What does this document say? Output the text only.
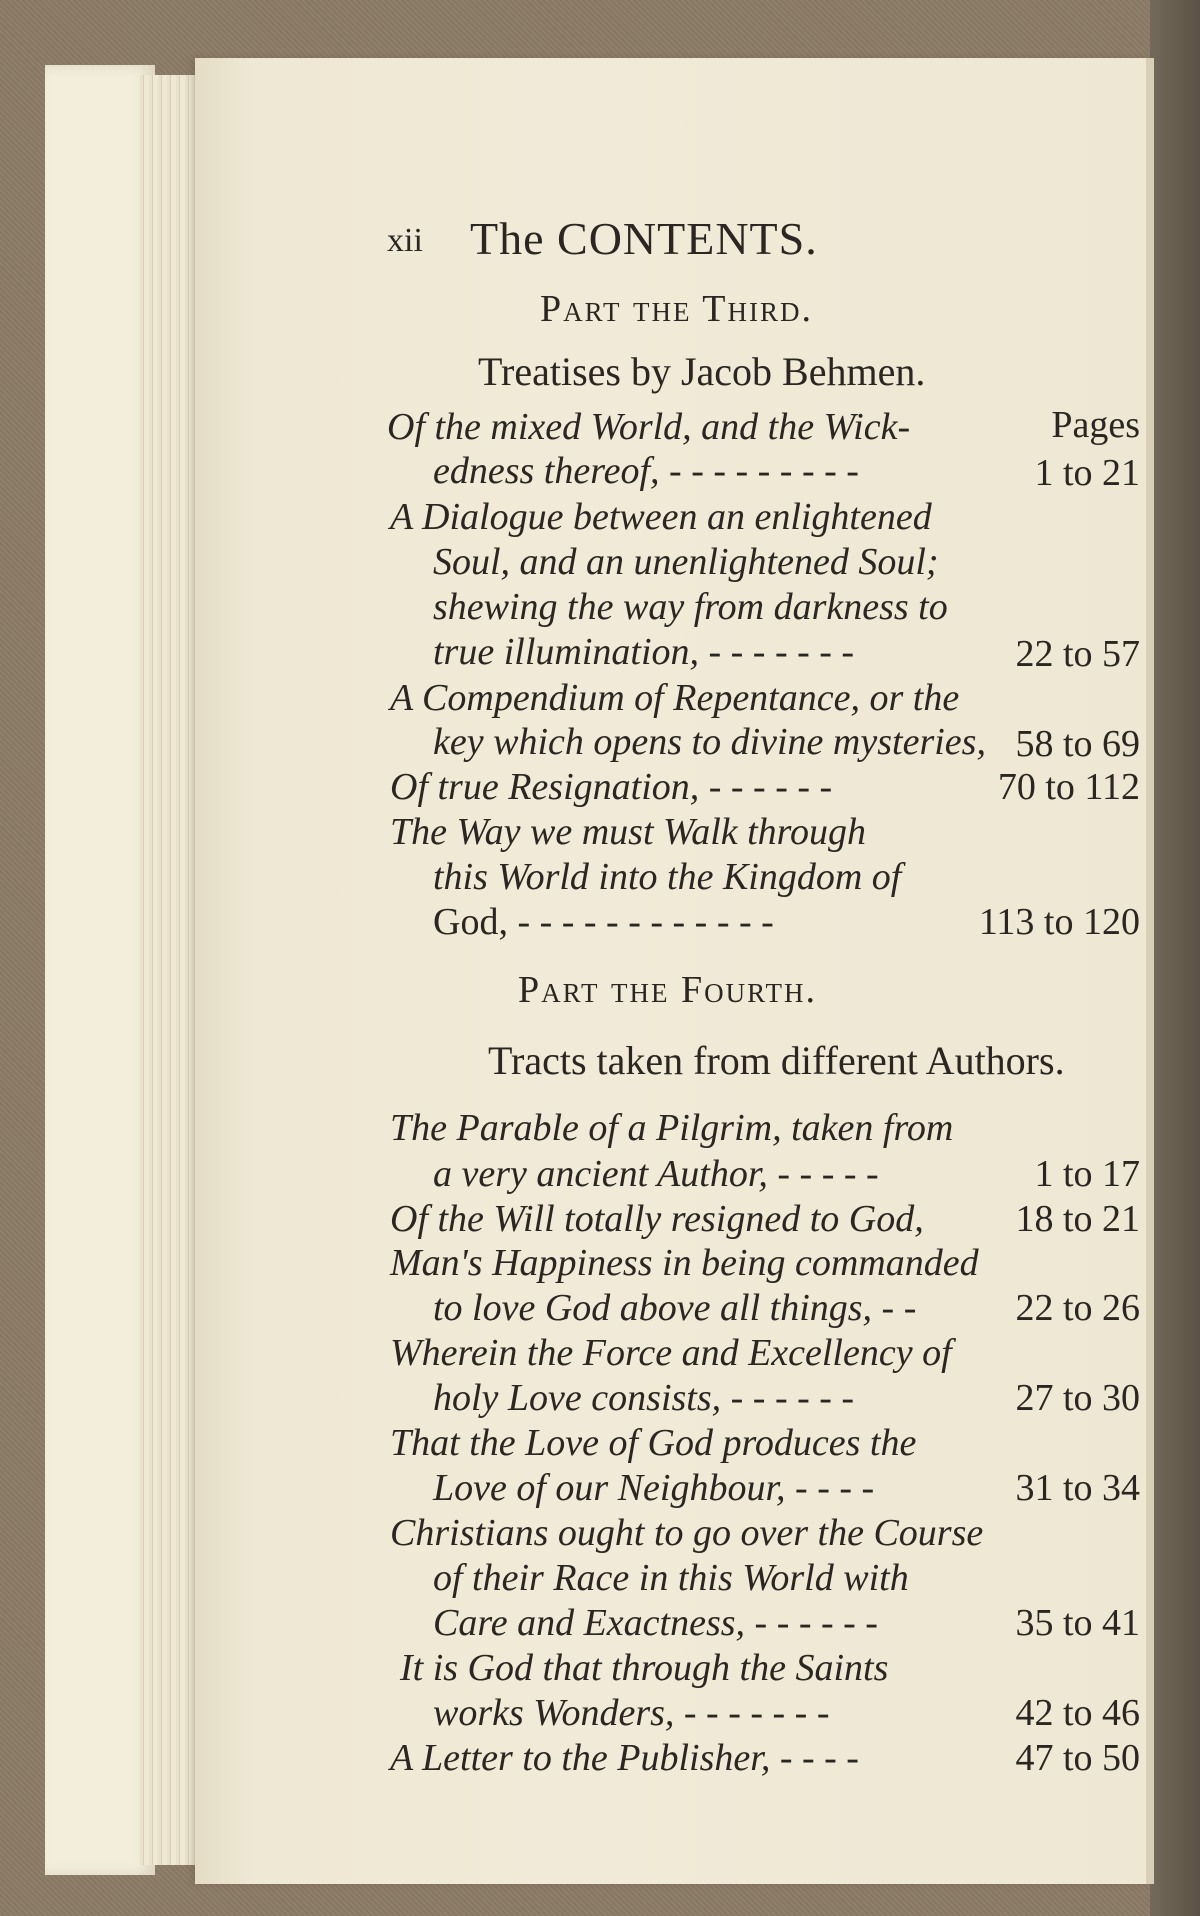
xii The CONTENTS.
Part the Third.
Treatises by Jacob Behmen.
Pages
Of the mixed World, and the Wick-
edness thereof, - - - - - - - - -	1 to 21
A Dialogue between an enlightened
Soul, and an unenlightened Soul;
shewing the way from darkness to
true illumination, - - - - - - -	22 to 57
A Compendium of Repentance, or the
key which opens to divine mysteries, 58 to 69
Of true Resignation, - - - - - -	70 to 112
The Way we must Walk through
this World into the Kingdom of
God, - - - - - - - - - - - -	113 to 120
Part the Fourth.
Tracts taken from different Authors.
The Parable of a Pilgrim, taken from
a very ancient Author, - - - - -	1 to 17
Of the Will totally resigned to God,	18 to 21
Man's Happiness in being commanded
to love God above all things, - -	22 to 26
Wherein the Force and Excellency of
holy Love consists, - - - - - -	27 to 30
That the Love of God produces the
Love of our Neighbour, - - - -	31 to 34
Christians ought to go over the Course
of their Race in this World with
Care and Exactness, - - - - - -	35 to 41
It is God that through the Saints
works Wonders, - - - - - - -	42 to 46
A Letter to the Publisher, - - - -	47 to 50
